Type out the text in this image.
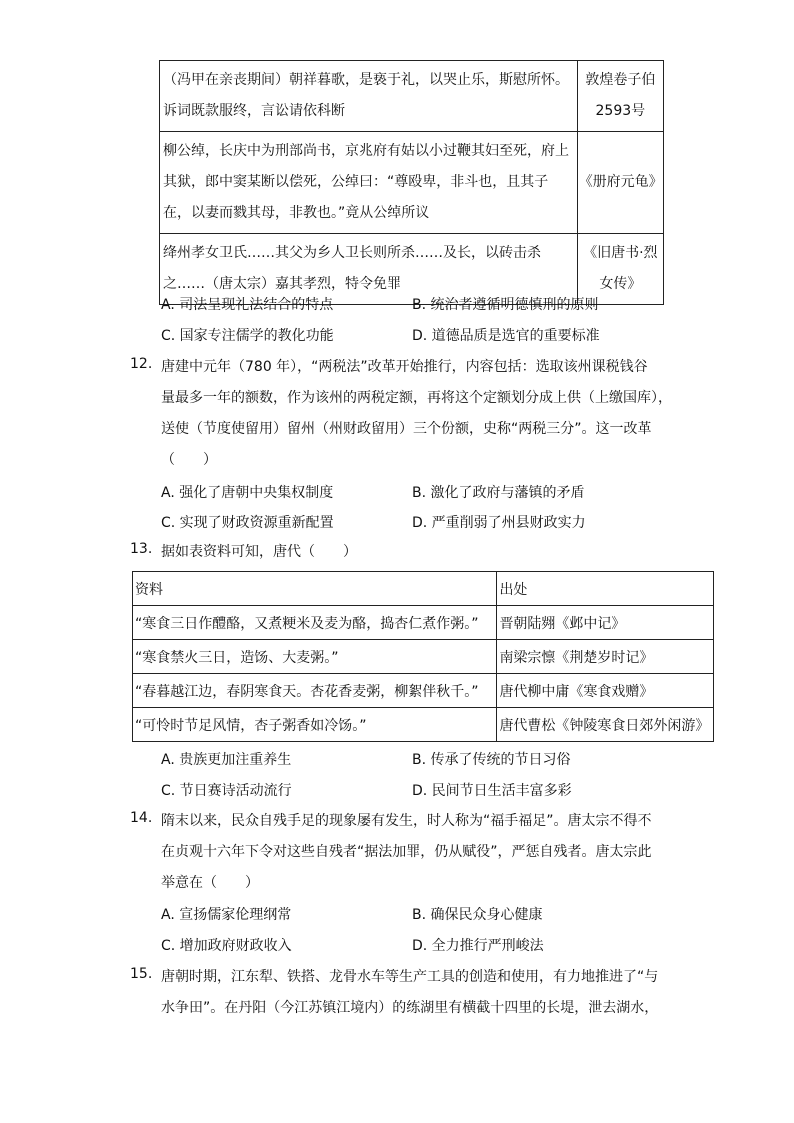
（冯甲在亲丧期间）朝祥暮歌，是亵于礼，以哭止乐，斯慰所怀。诉词既款服终，言讼请依科断	敦煌卷子伯2593号
柳公绰，长庆中为刑部尚书，京兆府有姑以小过鞭其妇至死，府上其狱，郎中窦某断以偿死，公绰曰：“尊殴卑，非斗也，且其子在，以妻而戮其母，非教也。”竟从公绰所议	《册府元龟》
绛州孝女卫氏……其父为乡人卫长则所杀……及长，以砖击杀之……（唐太宗）嘉其孝烈，特令免罪	《旧唐书·烈女传》
A. 司法呈现礼法结合的特点	B. 统治者遵循明德慎刑的原则
C. 国家专注儒学的教化功能	D. 道德品质是选官的重要标准
12. 唐建中元年（780 年），“两税法”改革开始推行，内容包括：选取该州课税钱谷
量最多一年的额数，作为该州的两税定额，再将这个定额划分成上供（上缴国库），
送使（节度使留用）留州（州财政留用）三个份额，史称“两税三分”。这一改革
（　　）
A. 强化了唐朝中央集权制度	B. 激化了政府与藩镇的矛盾
C. 实现了财政资源重新配置	D. 严重削弱了州县财政实力
13. 据如表资料可知，唐代（　　）
资料	出处
“寒食三日作醴酪，又煮粳米及麦为酪，捣杏仁煮作粥。”	晋朝陆翙《邺中记》
“寒食禁火三日，造饧、大麦粥。”	南梁宗懔《荆楚岁时记》
“春暮越江边，春阴寒食天。杏花香麦粥，柳絮伴秋千。”	唐代柳中庸《寒食戏赠》
“可怜时节足风情，杏子粥香如冷饧。”	唐代曹松《钟陵寒食日郊外闲游》
A. 贵族更加注重养生	B. 传承了传统的节日习俗
C. 节日赛诗活动流行	D. 民间节日生活丰富多彩
14. 隋末以来，民众自残手足的现象屡有发生，时人称为“福手福足”。唐太宗不得不
在贞观十六年下令对这些自残者“据法加罪，仍从赋役”，严惩自残者。唐太宗此
举意在（　　）
A. 宣扬儒家伦理纲常	B. 确保民众身心健康
C. 增加政府财政收入	D. 全力推行严刑峻法
15. 唐朝时期，江东犁、铁搭、龙骨水车等生产工具的创造和使用，有力地推进了“与
水争田”。在丹阳（今江苏镇江境内）的练湖里有横截十四里的长堤，泄去湖水，
